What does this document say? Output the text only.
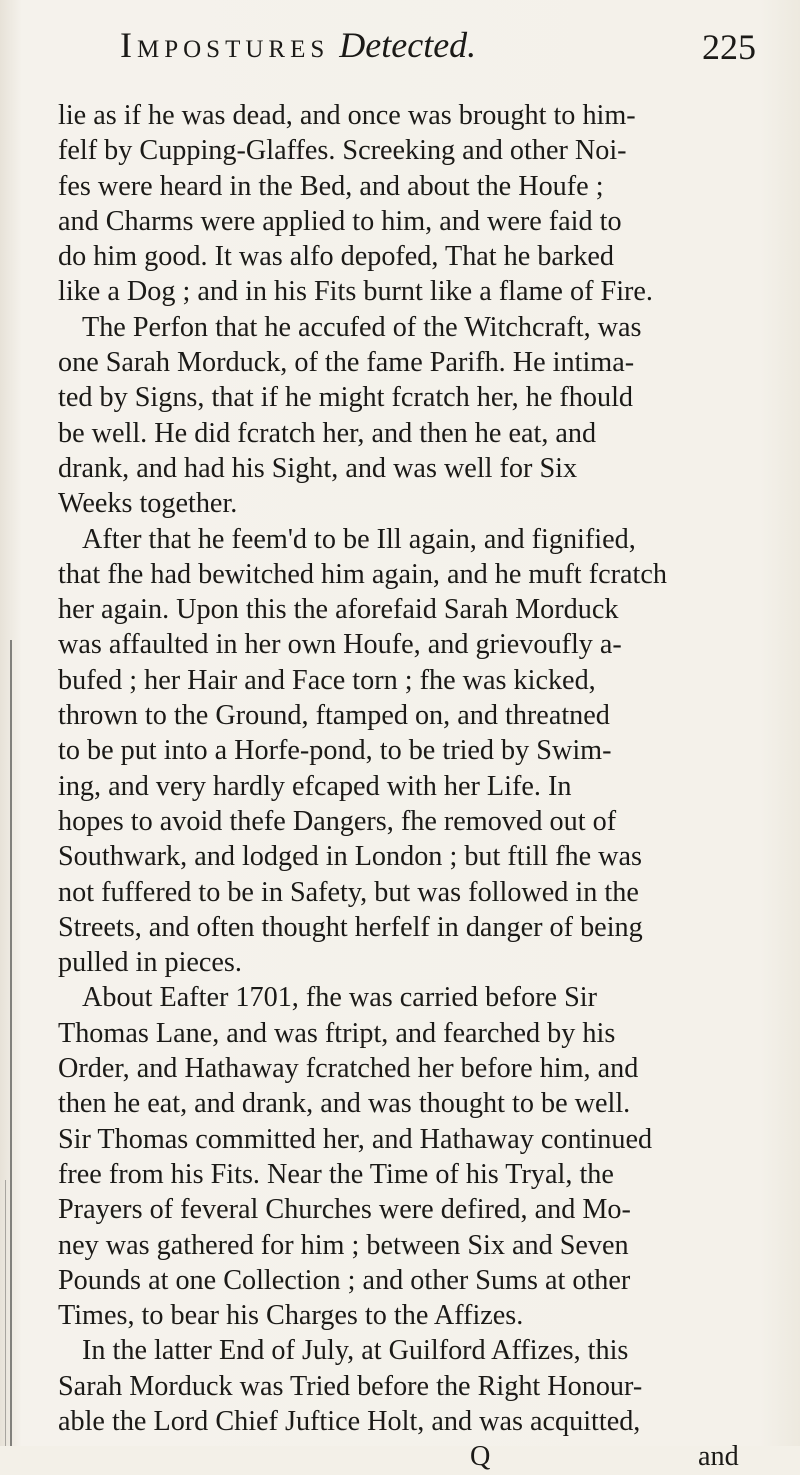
Impostures Detected.	225
lie as if he was dead, and once was brought to him-
felf by Cupping-Glaffes. Screeking and other Noi-
fes were heard in the Bed, and about the Houfe ;
and Charms were applied to him, and were faid to
do him good. It was alfo depofed, That he barked
like a Dog ; and in his Fits burnt like a flame of Fire.
The Perfon that he accufed of the Witchcraft, was
one Sarah Morduck, of the fame Parifh. He intima-
ted by Signs, that if he might fcratch her, he fhould
be well. He did fcratch her, and then he eat, and
drank, and had his Sight, and was well for Six
Weeks together.
After that he feem'd to be Ill again, and fignified,
that fhe had bewitched him again, and he muft fcratch
her again. Upon this the aforefaid Sarah Morduck
was affaulted in her own Houfe, and grievoufly a-
bufed ; her Hair and Face torn ; fhe was kicked,
thrown to the Ground, ftamped on, and threatned
to be put into a Horfe-pond, to be tried by Swim-
ing, and very hardly efcaped with her Life. In
hopes to avoid thefe Dangers, fhe removed out of
Southwark, and lodged in London ; but ftill fhe was
not fuffered to be in Safety, but was followed in the
Streets, and often thought herfelf in danger of being
pulled in pieces.
About Eafter 1701, fhe was carried before Sir
Thomas Lane, and was ftript, and fearched by his
Order, and Hathaway fcratched her before him, and
then he eat, and drank, and was thought to be well.
Sir Thomas committed her, and Hathaway continued
free from his Fits. Near the Time of his Tryal, the
Prayers of feveral Churches were defired, and Mo-
ney was gathered for him ; between Six and Seven
Pounds at one Collection ; and other Sums at other
Times, to bear his Charges to the Affizes.
In the latter End of July, at Guilford Affizes, this
Sarah Morduck was Tried before the Right Honour-
able the Lord Chief Juftice Holt, and was acquitted,
Q	and
